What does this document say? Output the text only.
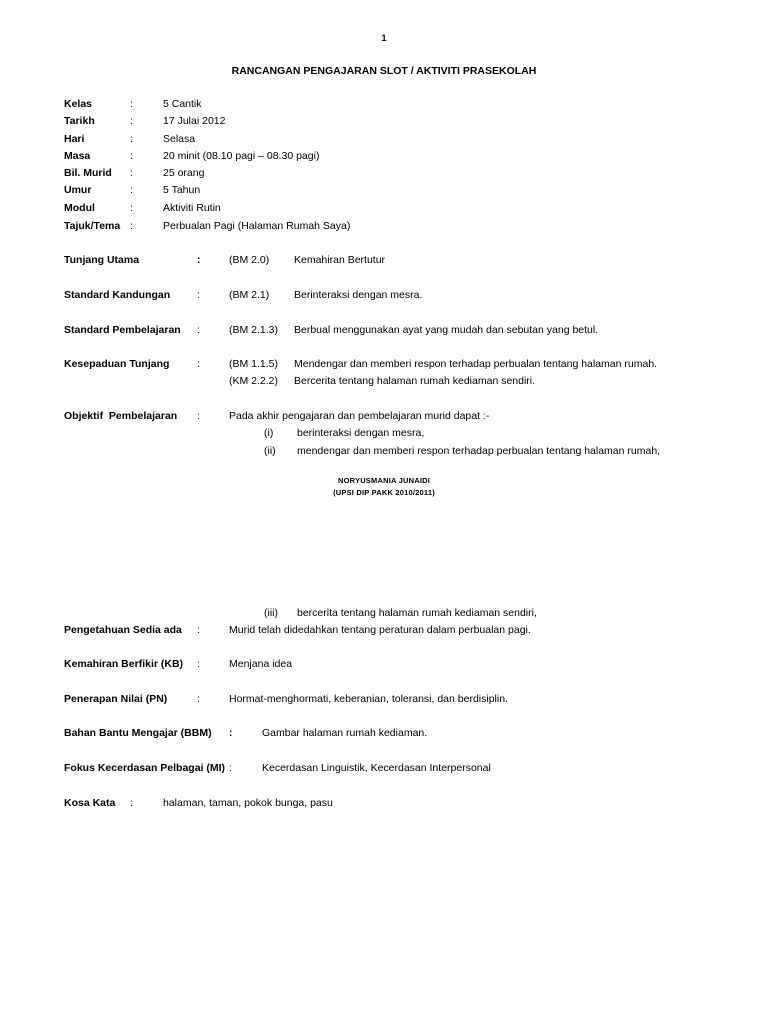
1
RANCANGAN PENGAJARAN SLOT / AKTIVITI PRASEKOLAH
Kelas	:	5 Cantik
Tarikh	:	17 Julai 2012
Hari	:	Selasa
Masa	:	20 minit (08.10 pagi – 08.30 pagi)
Bil. Murid :	25 orang
Umur	:	5 Tahun
Modul	:	Aktiviti Rutin
Tajuk/Tema :	Perbualan Pagi (Halaman Rumah Saya)
Tunjang Utama	:	(BM 2.0) Kemahiran Bertutur
Standard Kandungan	:	(BM 2.1) Berinteraksi dengan mesra.
Standard Pembelajaran :	(BM 2.1.3) Berbual menggunakan ayat yang mudah dan sebutan yang betul.
Kesepaduan Tunjang	:	(BM 1.1.5) Mendengar dan memberi respon terhadap perbualan tentang halaman rumah.
(KM 2.2.2) Bercerita tentang halaman rumah kediaman sendiri.
Objektif  Pembelajaran :	Pada akhir pengajaran dan pembelajaran murid dapat :-
(i) berinteraksi dengan mesra,
(ii) mendengar dan memberi respon terhadap perbualan tentang halaman rumah,
NORYUSMANIA JUNAIDI
(UPSI DIP PAKK 2010/2011)
(iii) bercerita tentang halaman rumah kediaman sendiri,
Pengetahuan Sedia ada :	Murid telah didedahkan tentang peraturan dalam perbualan pagi.
Kemahiran Berfikir (KB) :	Menjana idea
Penerapan Nilai (PN)	:	Hormat-menghormati, keberanian, toleransi, dan berdisiplin.
Bahan Bantu Mengajar (BBM) :	Gambar halaman rumah kediaman.
Fokus Kecerdasan Pelbagai (MI) :	Kecerdasan Linguistik, Kecerdasan Interpersonal
Kosa Kata :	halaman, taman, pokok bunga, pasu
